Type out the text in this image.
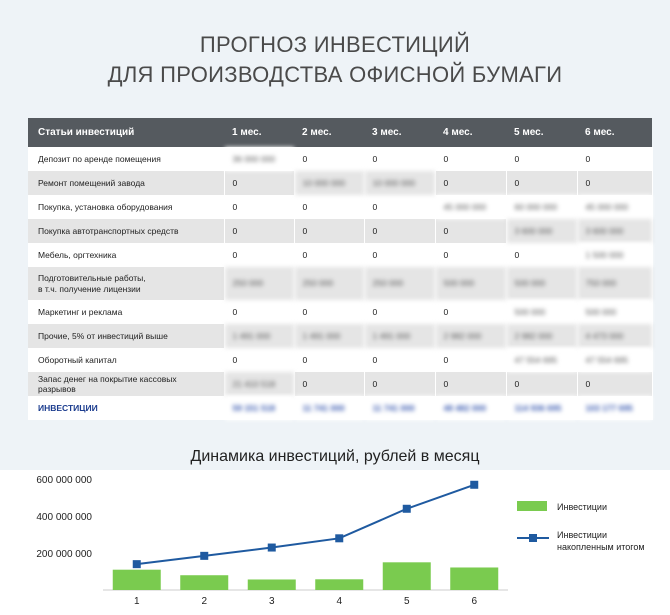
ПРОГНОЗ ИНВЕСТИЦИЙ
ДЛЯ ПРОИЗВОДСТВА ОФИСНОЙ БУМАГИ
Статьи инвестиций	1 мес.	2 мес.	3 мес.	4 мес.	5 мес.	6 мес.

Депозит по аренде помещения	36 000 000	0	0	0	0	0

Ремонт помещений завода	0	10 000 000	10 000 000	0	0	0

Покупка, установка оборудования	0	0	0	45 000 000	60 000 000	45 000 000

Покупка автотранспортных средств	0	0	0	0	3 600 000	3 600 000

Мебель, оргтехника	0	0	0	0	0	1 500 000

Подготовительные работы,
в т.ч. получение лицензии	250 000	250 000	250 000	500 000	500 000	750 000

Маркетинг и реклама	0	0	0	0	500 000	500 000

Прочие, 5% от инвестиций выше	1 491 000	1 491 000	1 491 000	2 982 000	2 982 000	4 473 000

Оборотный капитал	0	0	0	0	47 554 695	47 554 695

Запас денег на покрытие кассовых разрывов	21 410 518	0	0	0	0	0
ИНВЕСТИЦИИ	59 151 518	11 741 000	11 741 000	48 482 000	114 936 695	103 177 695
Динамика инвестиций, рублей в месяц
200 000 000
400 000 000
600 000 000
1	2	3	4	5	6
Инвестиции
Инвестиции
накопленным итогом
